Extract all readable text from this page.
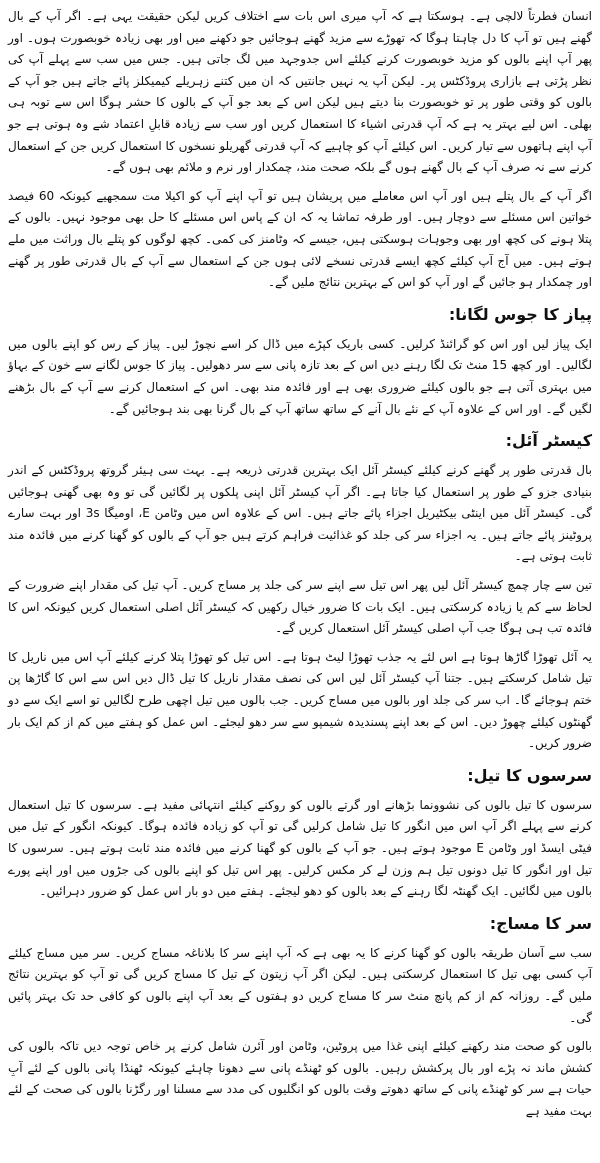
انسان فطرتاً لالچی ہے۔ ہوسکتا ہے کہ آپ میری اس بات سے اختلاف کریں لیکن حقیقت یہی ہے۔ اگر آپ کے بال گھنے ہیں تو آپ کا دل چاہتا ہوگا کہ تھوڑے سے مزید گھنے ہوجائیں جو دکھنے میں اور بھی زیادہ خوبصورت ہوں۔ اور پھر آپ اپنے بالوں کو مزید خوبصورت کرنے کیلئے اس جدوجہد میں لگ جاتی ہیں۔ جس میں سب سے پہلے آپ کی نظر پڑتی ہے بازاری پروڈکٹس پر۔ لیکن آپ یہ نہیں جانتیں کہ ان میں کتنے زہریلے کیمیکلز پائے جاتے ہیں جو آپ کے بالوں کو وقتی طور پر تو خوبصورت بنا دیتے ہیں لیکن اس کے بعد جو آپ کے بالوں کا حشر ہوگا اس سے توبہ ہی بھلی۔ اس لیے بہتر یہ ہے کہ آپ قدرتی اشیاء کا استعمال کریں اور سب سے زیادہ قابلِ اعتماد شے وہ ہوتی ہے جو آپ اپنے ہاتھوں سے تیار کریں۔ اس کیلئے آپ کو چاہیے کہ آپ قدرتی گھریلو نسخوں کا استعمال کریں جن کے استعمال کرنے سے نہ صرف آپ کے بال گھنے ہوں گے بلکہ صحت مند، چمکدار اور نرم و ملائم بھی ہوں گے۔

اگر آپ کے بال پتلے ہیں اور آپ اس معاملے میں پریشان ہیں تو آپ اپنے آپ کو اکیلا مت سمجھیے کیونکہ 60 فیصد خواتین اس مسئلے سے دوچار ہیں۔ اور طرفہ تماشا یہ کہ ان کے پاس اس مسئلے کا حل بھی موجود نہیں۔ بالوں کے پتلا ہونے کی کچھ اور بھی وجوہات ہوسکتی ہیں، جیسے کہ وٹامنز کی کمی۔ کچھ لوگوں کو پتلے بال وراثت میں ملے ہوتے ہیں۔ میں آج آپ کیلئے کچھ ایسے قدرتی نسخے لائی ہوں جن کے استعمال سے آپ کے بال قدرتی طور پر گھنے اور چمکدار ہو جائیں گے اور آپ کو اس کے بہترین نتائج ملیں گے۔

پیاز کا جوس لگانا:

ایک پیاز لیں اور اس کو گرائنڈ کرلیں۔ کسی باریک کپڑے میں ڈال کر اسے نچوڑ لیں۔ پیاز کے رس کو اپنے بالوں میں لگالیں۔ اور کچھ 15 منٹ تک لگا رہنے دیں اس کے بعد تازہ پانی سے سر دھولیں۔ پیاز کا جوس لگانے سے خون کے بہاؤ میں بہتری آتی ہے جو بالوں کیلئے ضروری بھی ہے اور فائدہ مند بھی۔ اس کے استعمال کرنے سے آپ کے بال بڑھنے لگیں گے۔ اور اس کے علاوہ آپ کے نئے بال آنے کے ساتھ ساتھ آپ کے بال گرنا بھی بند ہوجائیں گے۔

کیسٹر آئل:

بال قدرتی طور پر گھنے کرنے کیلئے کیسٹر آئل ایک بہترین قدرتی ذریعہ ہے۔ بہت سی ہیئر گروتھ پروڈکٹس کے اندر بنیادی جزو کے طور پر استعمال کیا جاتا ہے۔ اگر آپ کیسٹر آئل اپنی پلکوں پر لگائیں گی تو وہ بھی گھنی ہوجائیں گی۔ کیسٹر آئل میں اینٹی بیکٹیریل اجزاء پائے جاتے ہیں۔ اس کے علاوہ اس میں وٹامن E، اومیگا 3s اور بہت سارے پروٹینز پائے جاتے ہیں۔ یہ اجزاء سر کی جلد کو غذائیت فراہم کرتے ہیں جو آپ کے بالوں کو گھنا کرنے میں فائدہ مند ثابت ہوتی ہے۔

تین سے چار چمچ کیسٹر آئل لیں پھر اس تیل سے اپنے سر کی جلد پر مساج کریں۔ آپ تیل کی مقدار اپنے ضرورت کے لحاظ سے کم یا زیادہ کرسکتی ہیں۔ ایک بات کا ضرور خیال رکھیں کہ کیسٹر آئل اصلی استعمال کریں کیونکہ اس کا فائدہ تب ہی ہوگا جب آپ اصلی کیسٹر آئل استعمال کریں گے۔

یہ آئل تھوڑا گاڑھا ہوتا ہے اس لئے یہ جذب تھوڑا لیٹ ہوتا ہے۔ اس تیل کو تھوڑا پتلا کرنے کیلئے آپ اس میں ناریل کا تیل شامل کرسکتے ہیں۔ جتنا آپ کیسٹر آئل لیں اس کی نصف مقدار ناریل کا تیل ڈال دیں اس سے اس کا گاڑھا پن ختم ہوجائے گا۔ اب سر کی جلد اور بالوں میں مساج کریں۔ جب بالوں میں تیل اچھی طرح لگالیں تو اسے ایک سے دو گھنٹوں کیلئے چھوڑ دیں۔ اس کے بعد اپنے پسندیدہ شیمپو سے سر دھو لیجئے۔ اس عمل کو ہفتے میں کم از کم ایک بار ضرور کریں۔

سرسوں کا تیل:

سرسوں کا تیل بالوں کی نشوونما بڑھانے اور گرتے بالوں کو روکنے کیلئے انتہائی مفید ہے۔ سرسوں کا تیل استعمال کرنے سے پہلے اگر آپ اس میں انگور کا تیل شامل کرلیں گی تو آپ کو زیادہ فائدہ ہوگا۔ کیونکہ انگور کے تیل میں فیٹی ایسڈ اور وٹامن E موجود ہوتے ہیں۔ جو آپ کے بالوں کو گھنا کرنے میں فائدہ مند ثابت ہوتے ہیں۔ سرسوں کا تیل اور انگور کا تیل دونوں تیل ہم وزن لے کر مکس کرلیں۔ پھر اس تیل کو اپنے بالوں کی جڑوں میں اور اپنے پورے بالوں میں لگائیں۔ ایک گھنٹہ لگا رہنے کے بعد بالوں کو دھو لیجئے۔ ہفتے میں دو بار اس عمل کو ضرور دہرائیں۔

سر کا مساج:

سب سے آسان طریقہ بالوں کو گھنا کرنے کا یہ بھی ہے کہ آپ اپنے سر کا بلاناغہ مساج کریں۔ سر میں مساج کیلئے آپ کسی بھی تیل کا استعمال کرسکتی ہیں۔ لیکن اگر آپ زیتون کے تیل کا مساج کریں گی تو آپ کو بہترین نتائج ملیں گے۔ روزانہ کم از کم پانچ منٹ سر کا مساج کریں دو ہفتوں کے بعد آپ اپنے بالوں کو کافی حد تک بہتر پائیں گی۔

بالوں کو صحت مند رکھنے کیلئے اپنی غذا میں پروٹین، وٹامن اور آئرن شامل کرنے پر خاص توجہ دیں تاکہ بالوں کی کشش ماند نہ پڑے اور بال پرکشش رہیں۔ بالوں کو ٹھنڈے پانی سے دھونا چاہئے کیونکہ ٹھنڈا پانی بالوں کے لئے آبِ حیات ہے سر کو ٹھنڈے پانی کے ساتھ دھوتے وقت بالوں کو انگلیوں کی مدد سے مسلنا اور رگڑنا بالوں کی صحت کے لئے بہت مفید ہے
